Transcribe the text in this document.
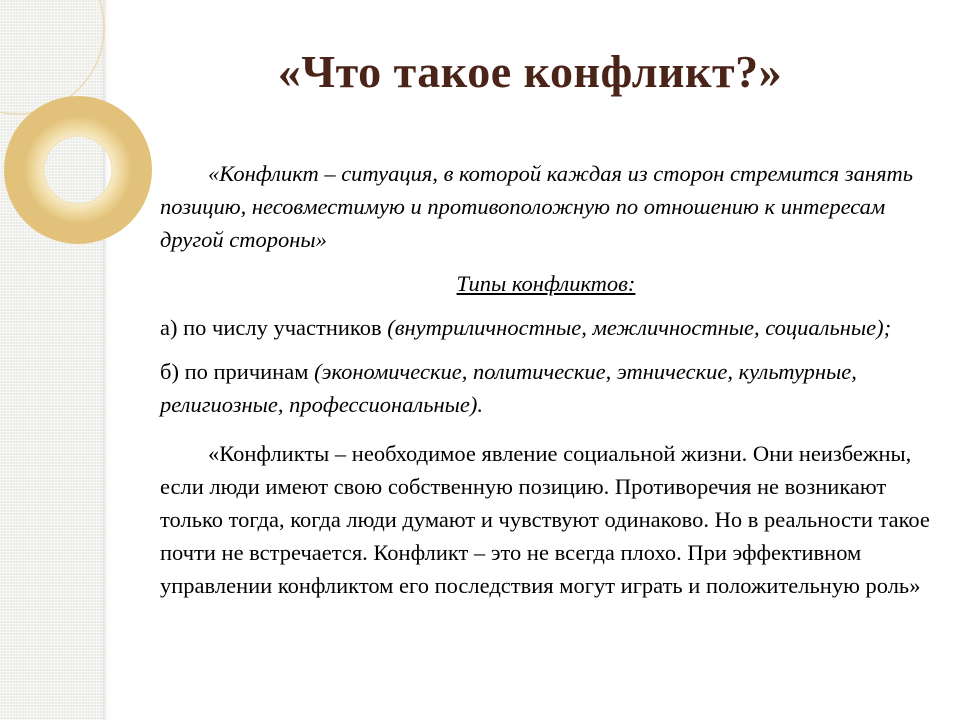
«Что такое конфликт?»

«Конфликт – ситуация, в которой каждая из сторон стремится занять позицию, несовместимую и противоположную по отношению к интересам другой стороны»

Типы конфликтов:

а) по числу участников (внутриличностные, межличностные, социальные);

б) по причинам (экономические, политические, этнические, культурные, религиозные, профессиональные).

«Конфликты – необходимое явление социальной жизни. Они неизбежны, если люди имеют свою собственную позицию. Противоречия не возникают только тогда, когда люди думают и чувствуют одинаково. Но в реальности такое почти не встречается. Конфликт – это не всегда плохо. При эффективном управлении конфликтом его последствия могут играть и положительную роль»
